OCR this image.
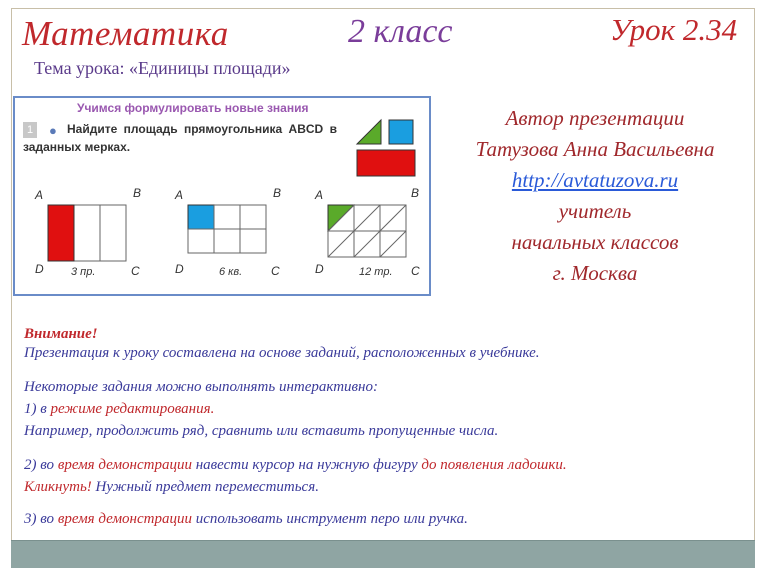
Математика	2 класс	Урок 2.34
Тема урока: «Единицы площади»
Учимся формулировать новые знания
1	● Найдите площадь прямоугольника ABCD в
заданных мерках.
A	B
D 3 пр.	C
A	B
D	6 кв. C
A	B
D	12 тр. C
Автор презентации
Татузова Анна Васильевна
http://avtatuzova.ru
учитель
начальных классов
г. Москва
Внимание!
Презентация к уроку составлена на основе заданий, расположенных в учебнике.
Некоторые задания можно выполнять интерактивно:
1) в режиме редактирования.
Например, продолжить ряд, сравнить или вставить пропущенные числа.
2) во время демонстрации навести курсор на нужную фигуру до появления ладошки.
Кликнуть! Нужный предмет переместиться.
3) во время демонстрации использовать инструмент перо или ручка.
